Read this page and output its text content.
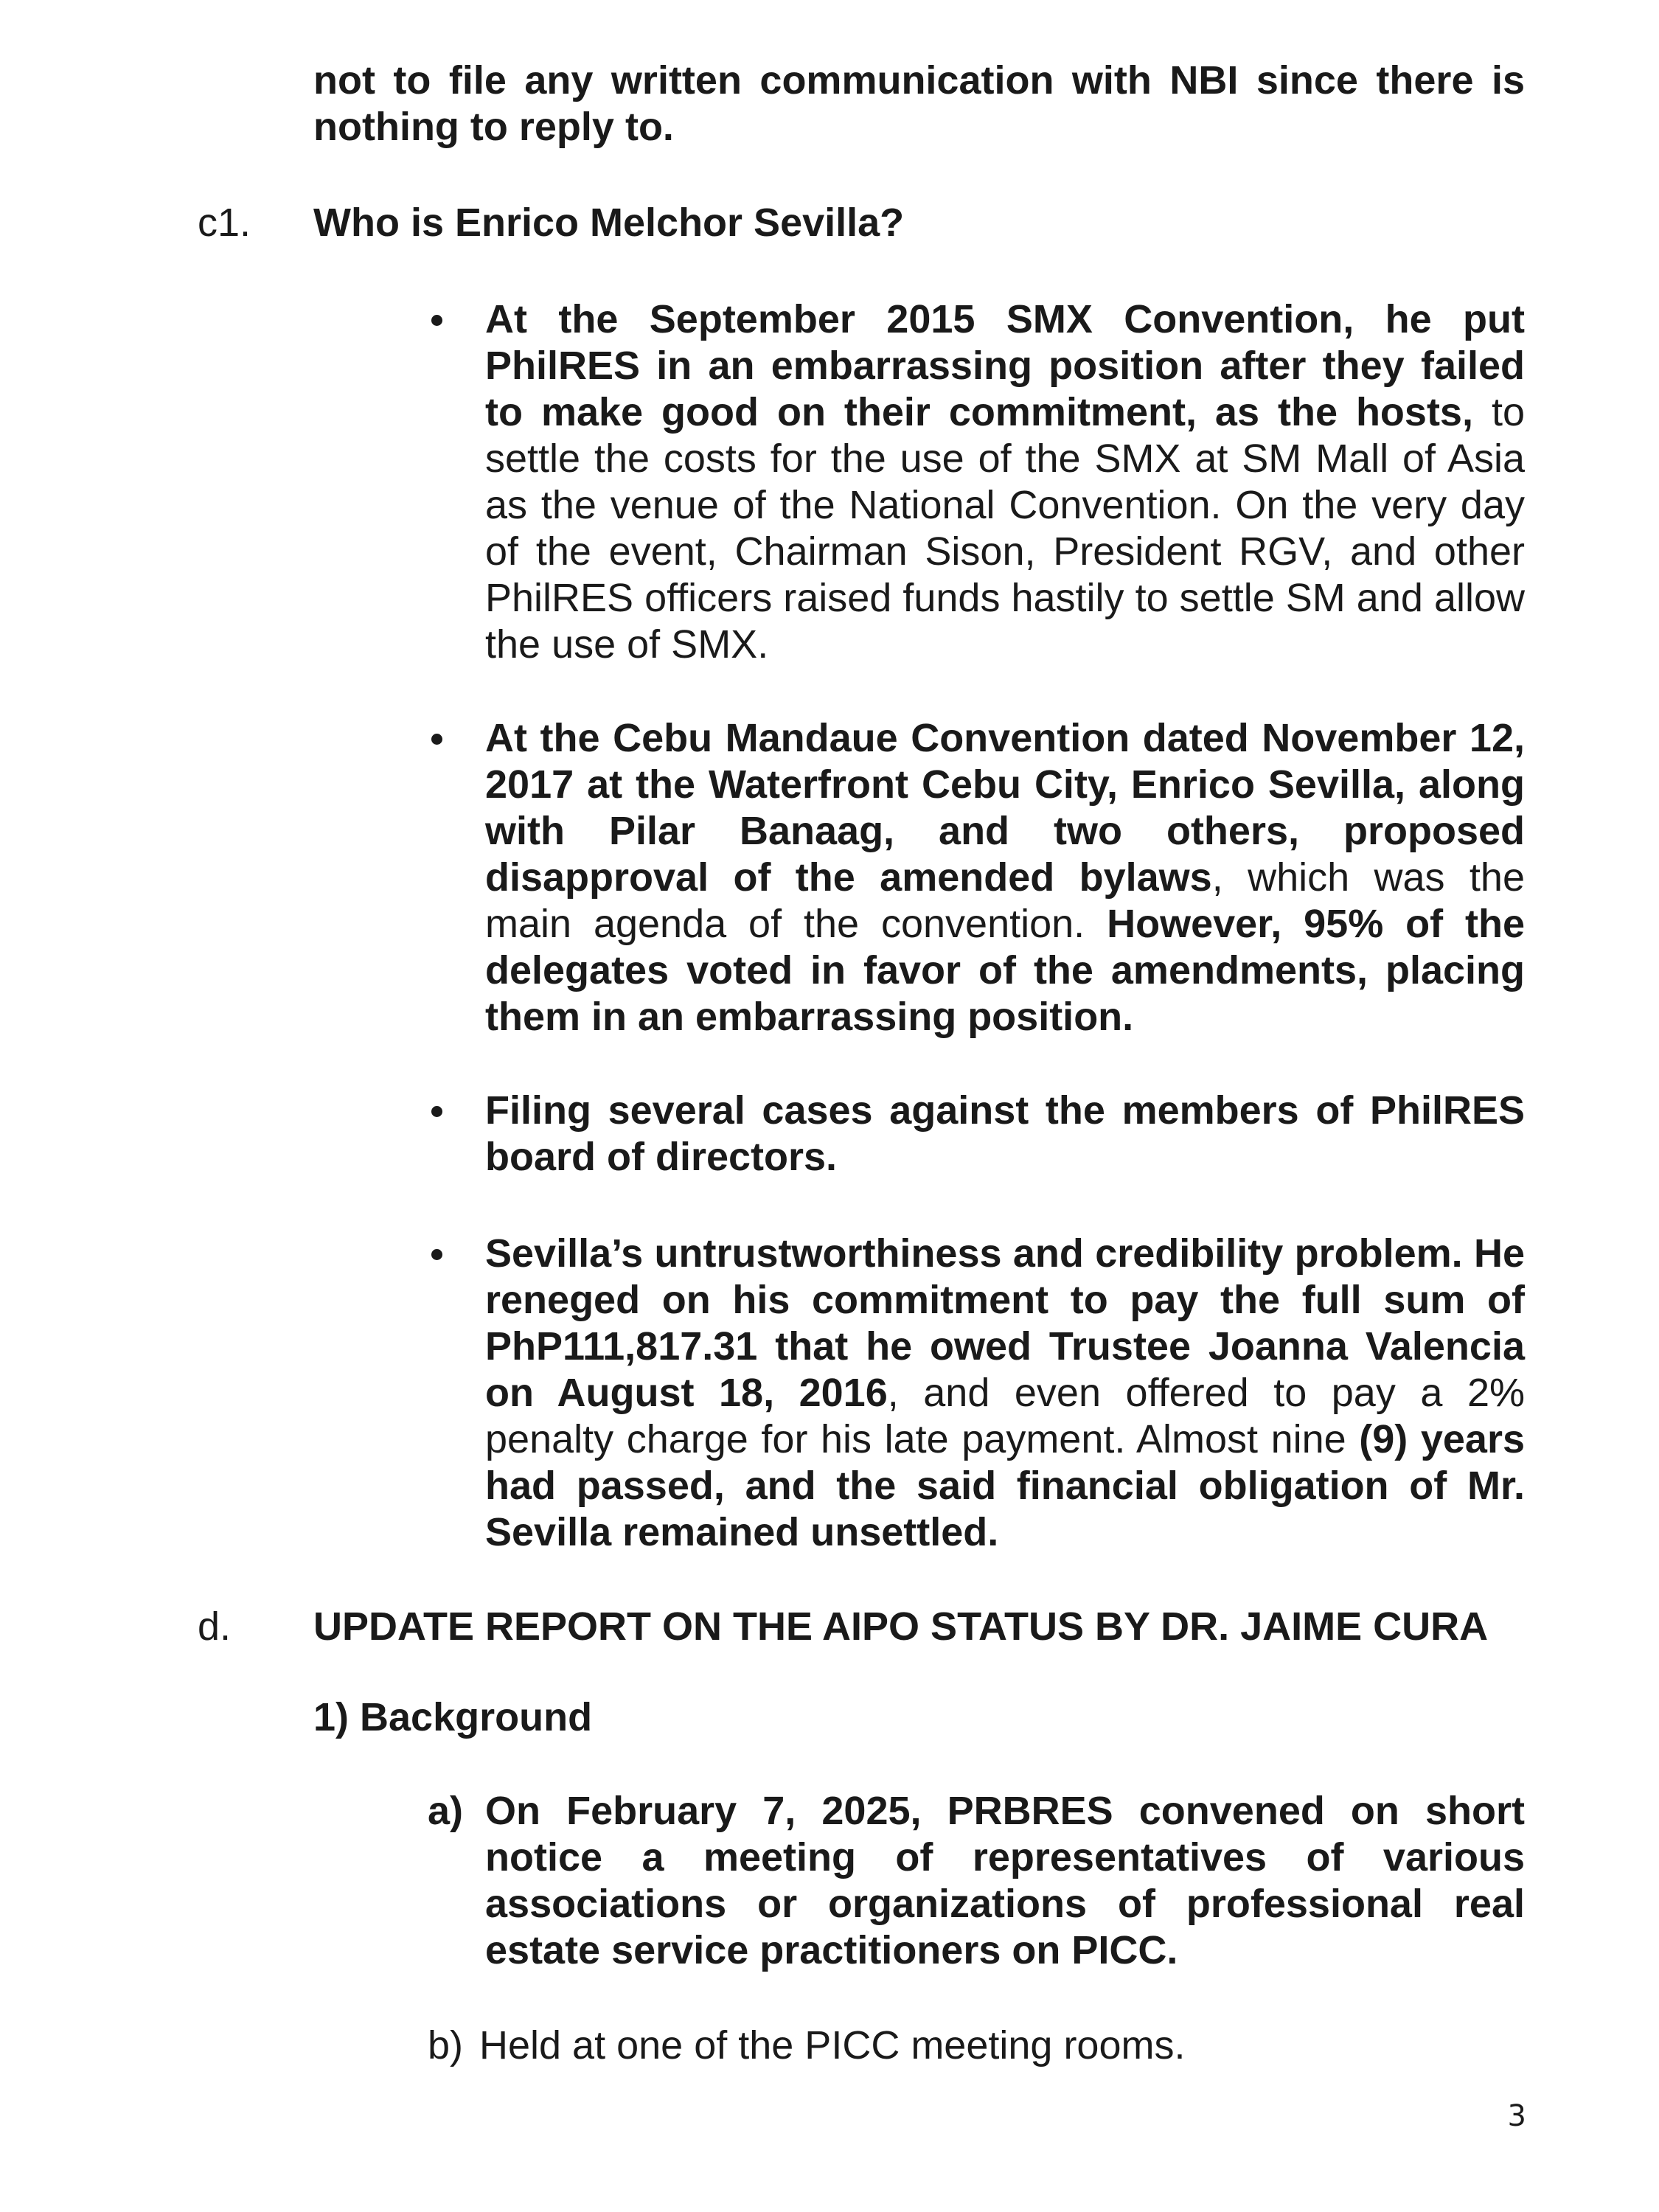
not to file any written communication with NBI since there is nothing to reply to.
c1. Who is Enrico Melchor Sevilla?
At the September 2015 SMX Convention, he put PhilRES in an embarrassing position after they failed to make good on their commitment, as the hosts, to settle the costs for the use of the SMX at SM Mall of Asia as the venue of the National Convention. On the very day of the event, Chairman Sison, President RGV, and other PhilRES officers raised funds hastily to settle SM and allow the use of SMX.
At the Cebu Mandaue Convention dated November 12, 2017 at the Waterfront Cebu City, Enrico Sevilla, along with Pilar Banaag, and two others, proposed disapproval of the amended bylaws, which was the main agenda of the convention. However, 95% of the delegates voted in favor of the amendments, placing them in an embarrassing position.
Filing several cases against the members of PhilRES board of directors.
Sevilla’s untrustworthiness and credibility problem. He reneged on his commitment to pay the full sum of PhP111,817.31 that he owed Trustee Joanna Valencia on August 18, 2016, and even offered to pay a 2% penalty charge for his late payment. Almost nine (9) years had passed, and the said financial obligation of Mr. Sevilla remained unsettled.
d. UPDATE REPORT ON THE AIPO STATUS BY DR. JAIME CURA
1) Background
a) On February 7, 2025, PRBRES convened on short notice a meeting of representatives of various associations or organizations of professional real estate service practitioners on PICC.
b) Held at one of the PICC meeting rooms.
3
